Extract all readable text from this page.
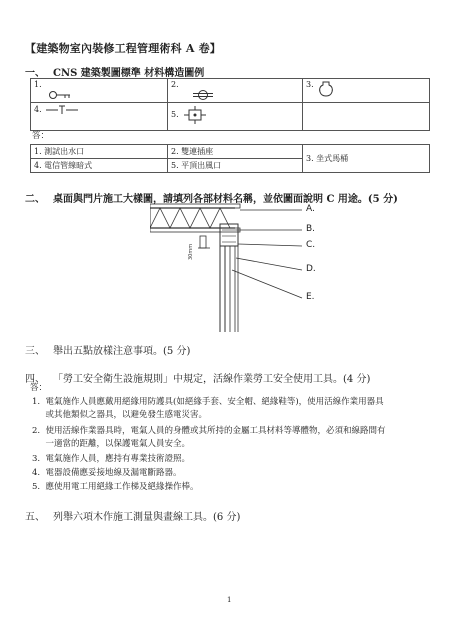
【建築物室內裝修工程管理術科 A 卷】
一、 CNS 建築製圖標準 材料構造圖例
1.	2.	3.
4.	5.	
答：
1. 測試出水口	2. 雙連插座	3. 坐式馬桶
4. 電信管線暗式	5. 平頂出風口	
二、 桌面與門片施工大樣圖，請填列各部材料名稱，並依圖面說明 C 用途。(5 分)
30mm
A.
B.
C.
D.
E.
三、 舉出五點放樣注意事項。(5 分)
四、 「勞工安全衛生設施規則」中規定，活線作業勞工安全使用工具。(4 分)
答：
1.  電氣施作人員應戴用絕緣用防護具(如絕緣手套、安全帽、絕緣鞋等)，使用活線作業用器具
或其他類似之器具，以避免發生感電災害。
2.  使用活線作業器具時，電氣人員的身體或其所持的金屬工具材料等導體物，必須和線路間有
一適當的距離，以保護電氣人員安全。
3.  電氣施作人員，應持有專業技術證照。
4.  電器設備應妥接地線及漏電斷路器。
5.  應使用電工用絕緣工作梯及絕緣操作棒。
五、 列舉六項木作施工測量與畫線工具。(6 分)
1
